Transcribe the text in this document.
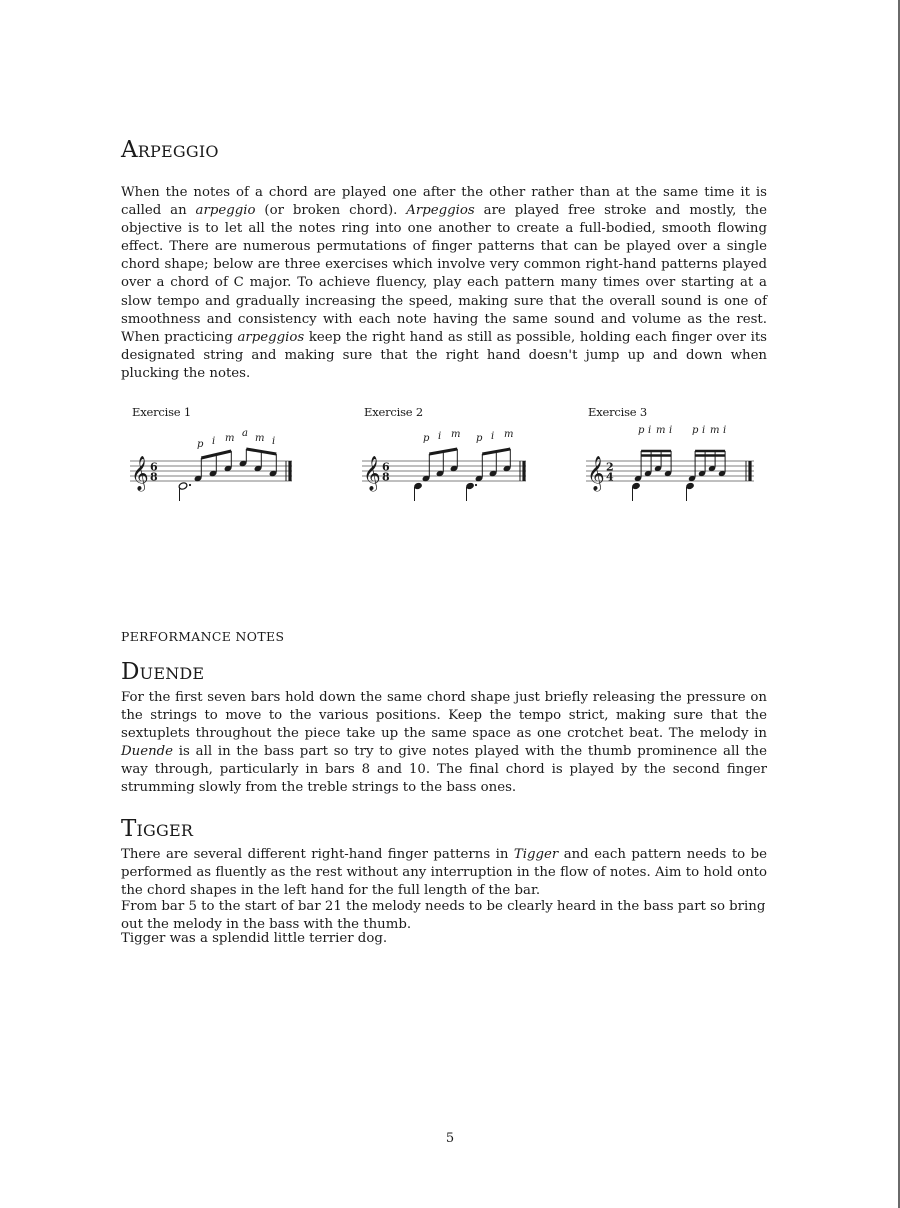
Arpeggio

When the notes of a chord are played one after the other rather than at the same time it is called an arpeggio (or broken chord). Arpeggios are played free stroke and mostly, the objective is to let all the notes ring into one another to create a full-bodied, smooth flowing effect. There are numerous permutations of finger patterns that can be played over a single chord shape; below are three exercises which involve very common right-hand patterns played over a chord of C major. To achieve fluency, play each pattern many times over starting at a slow tempo and gradually increasing the speed, making sure that the overall sound is one of smoothness and consistency with each note having the same sound and volume as the rest. When practicing arpeggios keep the right hand as still as possible, holding each finger over its designated string and making sure that the right hand doesn't jump up and down when plucking the notes.

PERFORMANCE NOTES
Duende

For the first seven bars hold down the same chord shape just briefly releasing the pressure on the strings to move to the various positions. Keep the tempo strict, making sure that the sextuplets throughout the piece take up the same space as one crotchet beat. The melody in Duende is all in the bass part so try to give notes played with the thumb prominence all the way through, particularly in bars 8 and 10. The final chord is played by the second finger strumming slowly from the treble strings to the bass ones.

Tigger

There are several different right-hand finger patterns in Tigger and each pattern needs to be performed as fluently as the rest without any interruption in the flow of notes. Aim to hold onto the chord shapes in the left hand for the full length of the bar.

From bar 5 to the start of bar 21 the melody needs to be clearly heard in the bass part so bring out the melody in the bass with the thumb.

Tigger was a splendid little terrier dog.

Exercise 1
𝄞 6
8
p i m a m i
Exercise 2
𝄞 6
8
p i m p i m
Exercise 3
𝄞 2
4
p i m i p i m i
5
